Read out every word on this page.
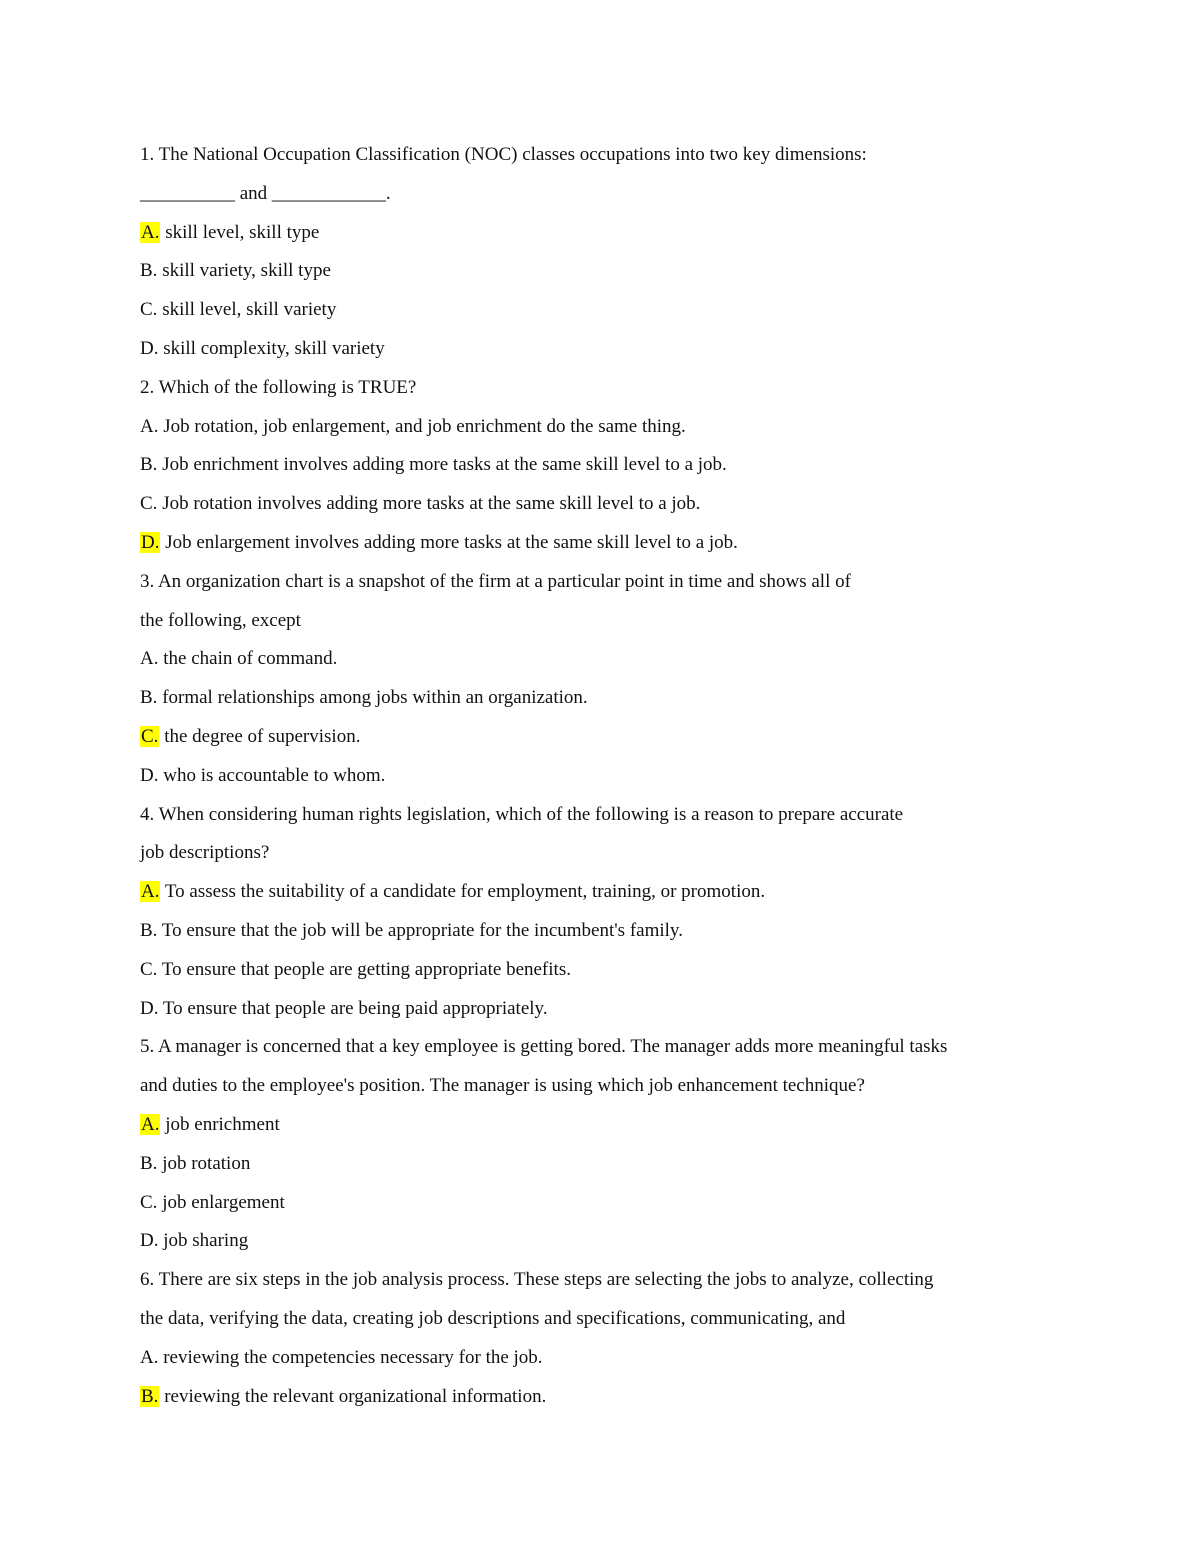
1. The National Occupation Classification (NOC) classes occupations into two key dimensions:
__________ and ____________.
A. skill level, skill type
B. skill variety, skill type
C. skill level, skill variety
D. skill complexity, skill variety
2. Which of the following is TRUE?
A. Job rotation, job enlargement, and job enrichment do the same thing.
B. Job enrichment involves adding more tasks at the same skill level to a job.
C. Job rotation involves adding more tasks at the same skill level to a job.
D. Job enlargement involves adding more tasks at the same skill level to a job.
3. An organization chart is a snapshot of the firm at a particular point in time and shows all of
the following, except
A. the chain of command.
B. formal relationships among jobs within an organization.
C. the degree of supervision.
D. who is accountable to whom.
4. When considering human rights legislation, which of the following is a reason to prepare accurate
job descriptions?
A. To assess the suitability of a candidate for employment, training, or promotion.
B. To ensure that the job will be appropriate for the incumbent's family.
C. To ensure that people are getting appropriate benefits.
D. To ensure that people are being paid appropriately.
5. A manager is concerned that a key employee is getting bored. The manager adds more meaningful tasks
and duties to the employee's position. The manager is using which job enhancement technique?
A. job enrichment
B. job rotation
C. job enlargement
D. job sharing
6. There are six steps in the job analysis process. These steps are selecting the jobs to analyze, collecting
the data, verifying the data, creating job descriptions and specifications, communicating, and
A. reviewing the competencies necessary for the job.
B. reviewing the relevant organizational information.
